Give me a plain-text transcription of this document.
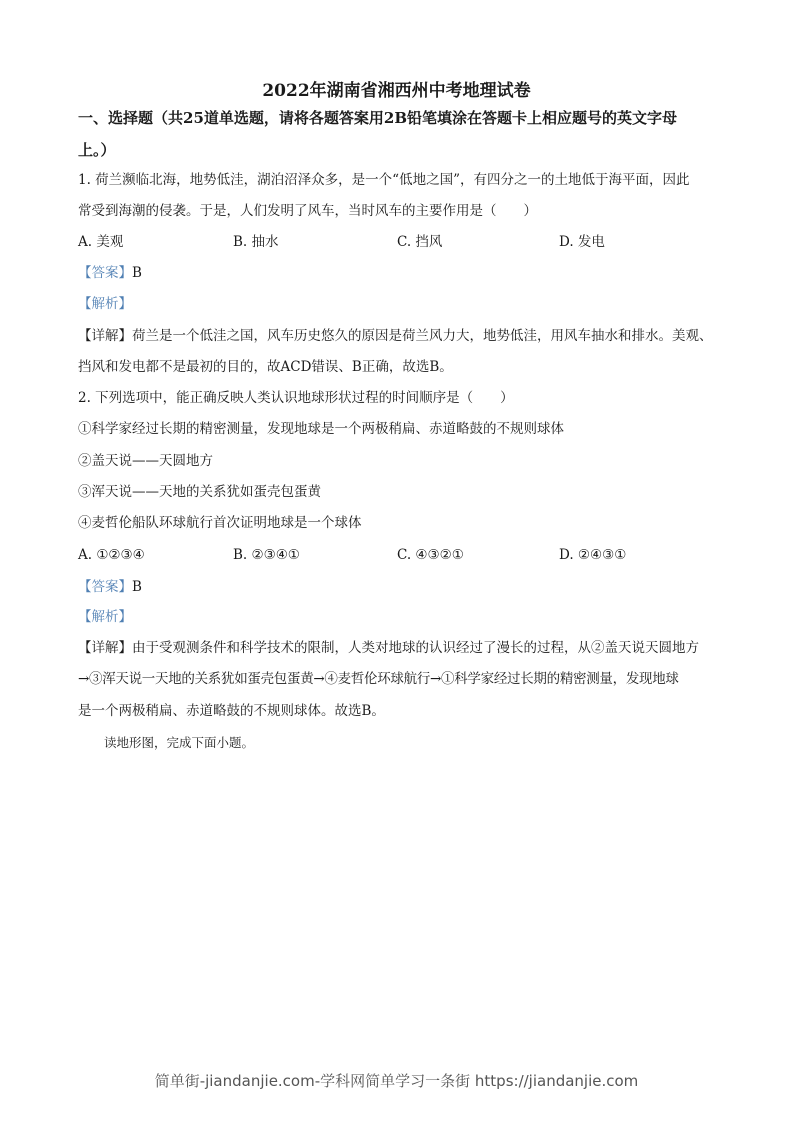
2022年湖南省湘西州中考地理试卷
一、选择题（共25道单选题，请将各题答案用2B铅笔填涂在答题卡上相应题号的英文字母
上。）
1. 荷兰濒临北海，地势低洼，湖泊沼泽众多，是一个“低地之国”，有四分之一的土地低于海平面，因此
常受到海潮的侵袭。于是，人们发明了风车，当时风车的主要作用是（　　）
A. 美观	B. 抽水	C. 挡风	D. 发电
【答案】B
【解析】
【详解】荷兰是一个低洼之国，风车历史悠久的原因是荷兰风力大，地势低洼，用风车抽水和排水。美观、
挡风和发电都不是最初的目的，故ACD错误、B正确，故选B。
2. 下列选项中，能正确反映人类认识地球形状过程的时间顺序是（　　）
①科学家经过长期的精密测量，发现地球是一个两极稍扁、赤道略鼓的不规则球体
②盖天说——天圆地方
③浑天说——天地的关系犹如蛋壳包蛋黄
④麦哲伦船队环球航行首次证明地球是一个球体
A. ①②③④	B. ②③④①	C. ④③②①	D. ②④③①
【答案】B
【解析】
【详解】由于受观测条件和科学技术的限制，人类对地球的认识经过了漫长的过程，从②盖天说天圆地方
→③浑天说一天地的关系犹如蛋壳包蛋黄→④麦哲伦环球航行→①科学家经过长期的精密测量，发现地球
是一个两极稍扁、赤道略鼓的不规则球体。故选B。
读地形图，完成下面小题。
简单街-jiandanjie.com-学科网简单学习一条街 https://jiandanjie.com
